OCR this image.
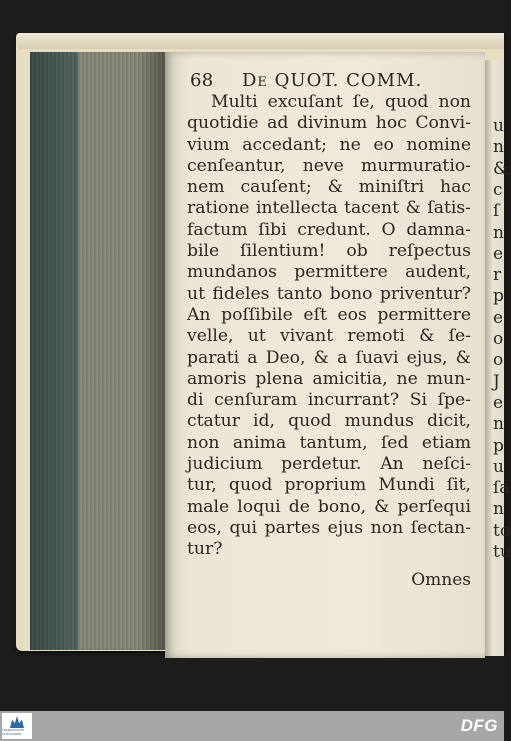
68 De QUOT. COMM.
Multi excuſant ſe, quod non
quotidie ad divinum hoc Convi-
vium accedant; ne eo nomine
cenſeantur, neve murmuratio-
nem cauſent; & miniſtri hac
ratione intellecta tacent & ſatis-
factum ſibi credunt. O damna-
bile ſilentium! ob reſpectus
mundanos permittere audent,
ut fideles tanto bono priventur?
An poſſibile eſt eos permittere
velle, ut vivant remoti & ſe-
parati a Deo, & a ſuavi ejus, &
amoris plena amicitia, ne mun-
di cenſuram incurrant? Si ſpe-
ctatur id, quod mundus dicit,
non anima tantum, ſed etiam
judicium perdetur. An neſci-
tur, quod proprium Mundi ſit,
male loqui de bono, & perſequi
eos, qui partes ejus non ſectan-
tur?
Omnes
u
n
&
c
ſ
n
e
r
p
e
o
o
J
e
n
p
u
ſa
n
to
tu
FRANCKESCHE STIFTUNGEN	DFG
